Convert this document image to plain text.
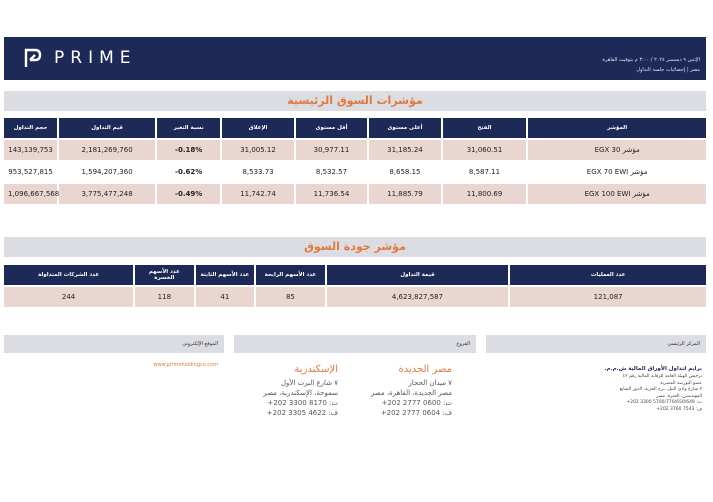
PRIME	الإثنين ٩ ديسمبر ٢٠٢٤ / ٣:٠٠ م بتوقيت القاهرة
مصر | إحصائيات جلسة التداول
مؤشرات السوق الرئيسية
حجم التداول	قيم التداول	نسبة التغير	الإغلاق	أقل مستوى	أعلى مستوى	الفتح	المؤشر
143,139,753	2,181,269,760	-0.18%	31,005.12	30,977.11	31,185.24	31,060.51	مؤشر EGX 30
953,527,815	1,594,207,360	-0.62%	8,533.73	8,532.57	8,658.15	8,587.11	مؤشر EGX 70 EWI
1,096,667,568	3,775,477,248	-0.49%	11,742.74	11,736.54	11,885.79	11,800.69	مؤشر EGX 100 EWI
مؤشر جودة السوق
عدد الشركات المتداولة	عدد الأسهم الخسرة	عدد الأسهم الثابتة	عدد الأسهم الرابحة	قيمة التداول	عدد العمليات
244	118	41	85	4,623,827,587	121,087
الموقع الإلكتروني	الفروع	المركز الرئيسي
www.primeholdingco.com	الإسكندرية
٧ شارع البرت الأول
سموحة، الإسكندرية، مصر
ت: 8170 3300 202+
ف: 4622 3305 202+
مصر الجديدة
٧ ميدان الحجاز
مصر الجديدة، القاهرة، مصر
ت: 0600 2777 202+
ف: 0604 2777 202+
برايم لتداول الأوراق المالية ش.م.م.
ترخيص الهيئة العامة للرقابة المالية رقم ٤٢
عضو البورصة المصرية
٢ شارع وادي النيل، برج الحرية، الدور السابع
المهندسين، الجيزة، مصر
ت: 5700/770/650/649 3300 202+
ف: 7543 3760 202+
